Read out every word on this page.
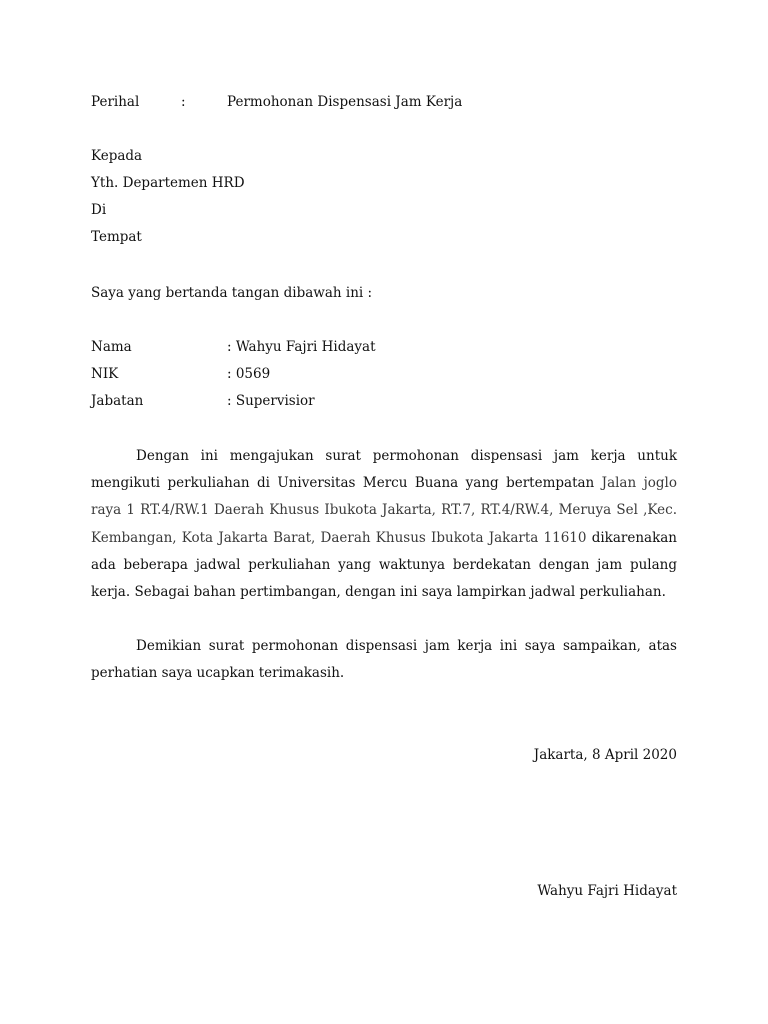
Perihal	:	Permohonan Dispensasi Jam Kerja
Kepada
Yth. Departemen HRD
Di
Tempat
Saya yang bertanda tangan dibawah ini :
Nama	: Wahyu Fajri Hidayat
NIK	: 0569
Jabatan	: Supervisior

Dengan ini mengajukan surat permohonan dispensasi jam kerja untuk mengikuti perkuliahan di Universitas Mercu Buana yang bertempatan Jalan joglo raya 1 RT.4/RW.1 Daerah Khusus Ibukota Jakarta, RT.7, RT.4/RW.4, Meruya Sel ,Kec. Kembangan, Kota Jakarta Barat, Daerah Khusus Ibukota Jakarta 11610 dikarenakan ada beberapa jadwal perkuliahan yang waktunya berdekatan dengan jam pulang kerja. Sebagai bahan pertimbangan, dengan ini saya lampirkan jadwal perkuliahan.

Demikian surat permohonan dispensasi jam kerja ini saya sampaikan, atas perhatian saya ucapkan terimakasih.

Jakarta, 8 April 2020
Wahyu Fajri Hidayat
